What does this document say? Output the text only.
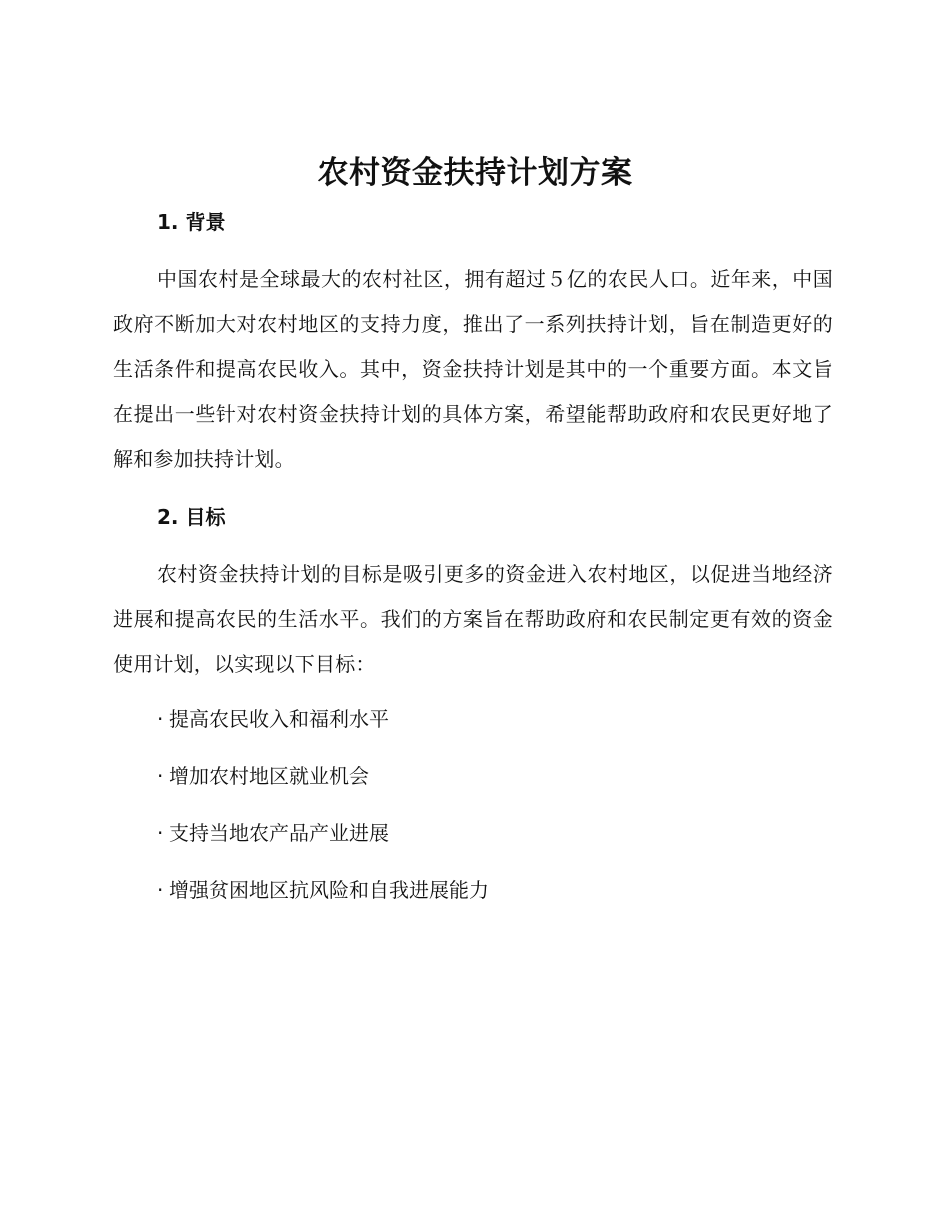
农村资金扶持计划方案
1. 背景

中国农村是全球最大的农村社区，拥有超过５亿的农民人口。近年来，中国政府不断加大对农村地区的支持力度，推出了一系列扶持计划，旨在制造更好的生活条件和提高农民收入。其中，资金扶持计划是其中的一个重要方面。本文旨在提出一些针对农村资金扶持计划的具体方案，希望能帮助政府和农民更好地了解和参加扶持计划。

2. 目标

农村资金扶持计划的目标是吸引更多的资金进入农村地区，以促进当地经济进展和提高农民的生活水平。我们的方案旨在帮助政府和农民制定更有效的资金使用计划，以实现以下目标：

· 提高农民收入和福利水平
· 增加农村地区就业机会
· 支持当地农产品产业进展
· 增强贫困地区抗风险和自我进展能力
